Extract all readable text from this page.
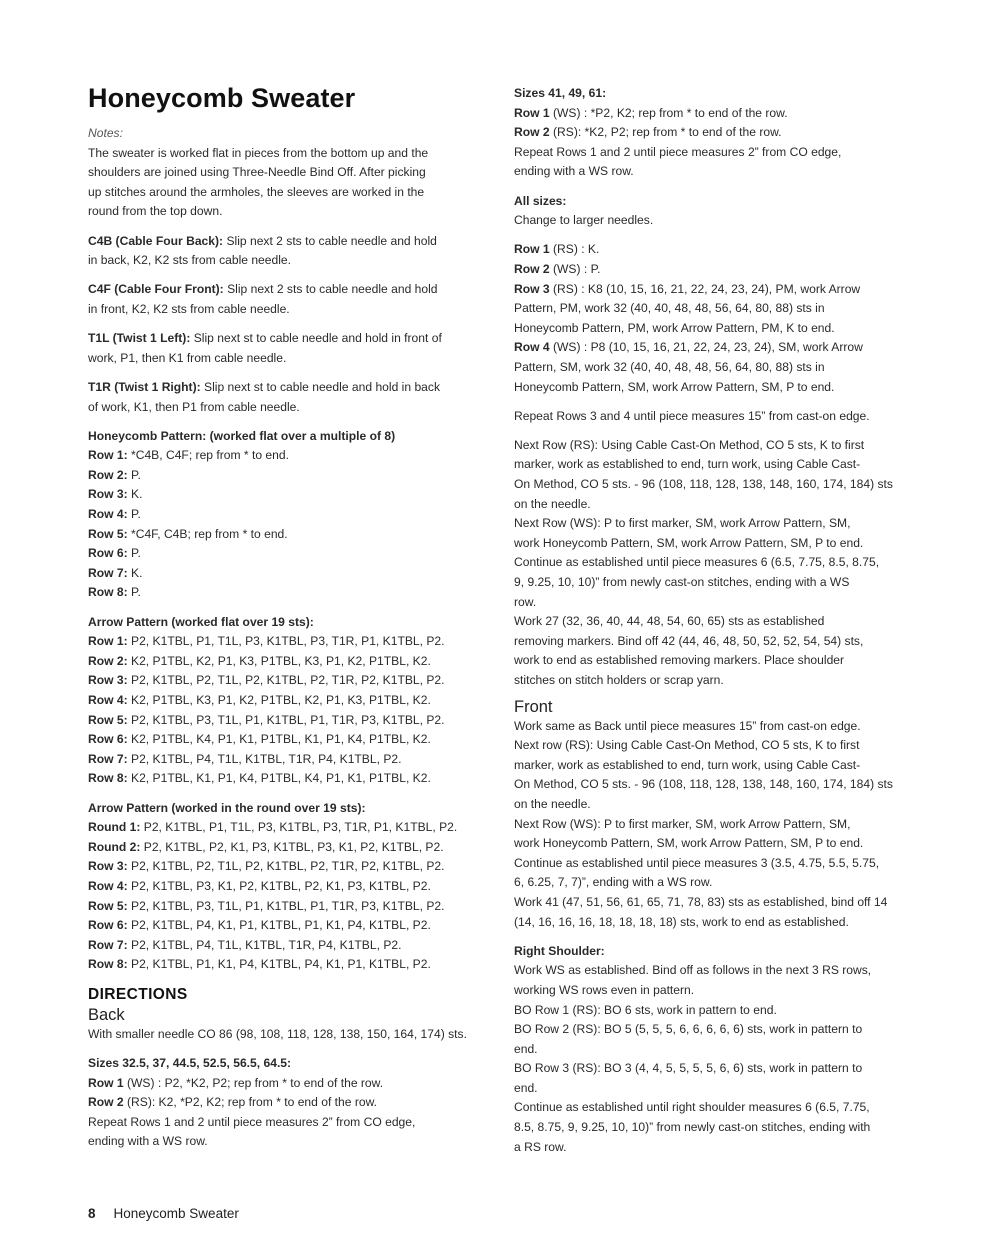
Honeycomb Sweater
Notes:
The sweater is worked flat in pieces from the bottom up and the
shoulders are joined using Three-Needle Bind Off. After picking
up stitches around the armholes, the sleeves are worked in the
round from the top down.
C4B (Cable Four Back): Slip next 2 sts to cable needle and hold
in back, K2, K2 sts from cable needle.
C4F (Cable Four Front): Slip next 2 sts to cable needle and hold
in front, K2, K2 sts from cable needle.
T1L (Twist 1 Left): Slip next st to cable needle and hold in front of
work, P1, then K1 from cable needle.
T1R (Twist 1 Right): Slip next st to cable needle and hold in back
of work, K1, then P1 from cable needle.
Honeycomb Pattern: (worked flat over a multiple of 8)
Row 1: *C4B, C4F; rep from * to end.
Row 2: P.
Row 3: K.
Row 4: P.
Row 5: *C4F, C4B; rep from * to end.
Row 6: P.
Row 7: K.
Row 8: P.
Arrow Pattern (worked flat over 19 sts):
Row 1: P2, K1TBL, P1, T1L, P3, K1TBL, P3, T1R, P1, K1TBL, P2.
Row 2: K2, P1TBL, K2, P1, K3, P1TBL, K3, P1, K2, P1TBL, K2.
Row 3: P2, K1TBL, P2, T1L, P2, K1TBL, P2, T1R, P2, K1TBL, P2.
Row 4: K2, P1TBL, K3, P1, K2, P1TBL, K2, P1, K3, P1TBL, K2.
Row 5: P2, K1TBL, P3, T1L, P1, K1TBL, P1, T1R, P3, K1TBL, P2.
Row 6: K2, P1TBL, K4, P1, K1, P1TBL, K1, P1, K4, P1TBL, K2.
Row 7: P2, K1TBL, P4, T1L, K1TBL, T1R, P4, K1TBL, P2.
Row 8: K2, P1TBL, K1, P1, K4, P1TBL, K4, P1, K1, P1TBL, K2.
Arrow Pattern (worked in the round over 19 sts):
Round 1: P2, K1TBL, P1, T1L, P3, K1TBL, P3, T1R, P1, K1TBL, P2.
Round 2: P2, K1TBL, P2, K1, P3, K1TBL, P3, K1, P2, K1TBL, P2.
Row 3: P2, K1TBL, P2, T1L, P2, K1TBL, P2, T1R, P2, K1TBL, P2.
Row 4: P2, K1TBL, P3, K1, P2, K1TBL, P2, K1, P3, K1TBL, P2.
Row 5: P2, K1TBL, P3, T1L, P1, K1TBL, P1, T1R, P3, K1TBL, P2.
Row 6: P2, K1TBL, P4, K1, P1, K1TBL, P1, K1, P4, K1TBL, P2.
Row 7: P2, K1TBL, P4, T1L, K1TBL, T1R, P4, K1TBL, P2.
Row 8: P2, K1TBL, P1, K1, P4, K1TBL, P4, K1, P1, K1TBL, P2.
DIRECTIONS
Back
With smaller needle CO 86 (98, 108, 118, 128, 138, 150, 164, 174) sts.
Sizes 32.5, 37, 44.5, 52.5, 56.5, 64.5:
Row 1 (WS) : P2, *K2, P2; rep from * to end of the row.
Row 2 (RS): K2, *P2, K2; rep from * to end of the row.
Repeat Rows 1 and 2 until piece measures 2” from CO edge,
ending with a WS row.
Sizes 41, 49, 61:
Row 1 (WS) : *P2, K2; rep from * to end of the row.
Row 2 (RS): *K2, P2; rep from * to end of the row.
Repeat Rows 1 and 2 until piece measures 2” from CO edge,
ending with a WS row.
All sizes:
Change to larger needles.
Row 1 (RS) : K.
Row 2 (WS) : P.
Row 3 (RS) : K8 (10, 15, 16, 21, 22, 24, 23, 24), PM, work Arrow
Pattern, PM, work 32 (40, 40, 48, 48, 56, 64, 80, 88) sts in
Honeycomb Pattern, PM, work Arrow Pattern, PM, K to end.
Row 4 (WS) : P8 (10, 15, 16, 21, 22, 24, 23, 24), SM, work Arrow
Pattern, SM, work 32 (40, 40, 48, 48, 56, 64, 80, 88) sts in
Honeycomb Pattern, SM, work Arrow Pattern, SM, P to end.
Repeat Rows 3 and 4 until piece measures 15” from cast-on edge.
Next Row (RS): Using Cable Cast-On Method, CO 5 sts, K to first
marker, work as established to end, turn work, using Cable Cast-
On Method, CO 5 sts. - 96 (108, 118, 128, 138, 148, 160, 174, 184) sts
on the needle.
Next Row (WS): P to first marker, SM, work Arrow Pattern, SM,
work Honeycomb Pattern, SM, work Arrow Pattern, SM, P to end.
Continue as established until piece measures 6 (6.5, 7.75, 8.5, 8.75,
9, 9.25, 10, 10)” from newly cast-on stitches, ending with a WS
row.
Work 27 (32, 36, 40, 44, 48, 54, 60, 65) sts as established
removing markers. Bind off 42 (44, 46, 48, 50, 52, 52, 54, 54) sts,
work to end as established removing markers. Place shoulder
stitches on stitch holders or scrap yarn.
Front
Work same as Back until piece measures 15” from cast-on edge.
Next row (RS): Using Cable Cast-On Method, CO 5 sts, K to first
marker, work as established to end, turn work, using Cable Cast-
On Method, CO 5 sts. - 96 (108, 118, 128, 138, 148, 160, 174, 184) sts
on the needle.
Next Row (WS): P to first marker, SM, work Arrow Pattern, SM,
work Honeycomb Pattern, SM, work Arrow Pattern, SM, P to end.
Continue as established until piece measures 3 (3.5, 4.75, 5.5, 5.75,
6, 6.25, 7, 7)”, ending with a WS row.
Work 41 (47, 51, 56, 61, 65, 71, 78, 83) sts as established, bind off 14
(14, 16, 16, 16, 18, 18, 18, 18) sts, work to end as established.
Right Shoulder:
Work WS as established. Bind off as follows in the next 3 RS rows,
working WS rows even in pattern.
BO Row 1 (RS): BO 6 sts, work in pattern to end.
BO Row 2 (RS): BO 5 (5, 5, 5, 6, 6, 6, 6, 6) sts, work in pattern to
end.
BO Row 3 (RS): BO 3 (4, 4, 5, 5, 5, 5, 6, 6) sts, work in pattern to
end.
Continue as established until right shoulder measures 6 (6.5, 7.75,
8.5, 8.75, 9, 9.25, 10, 10)” from newly cast-on stitches, ending with
a RS row.
8 Honeycomb Sweater
